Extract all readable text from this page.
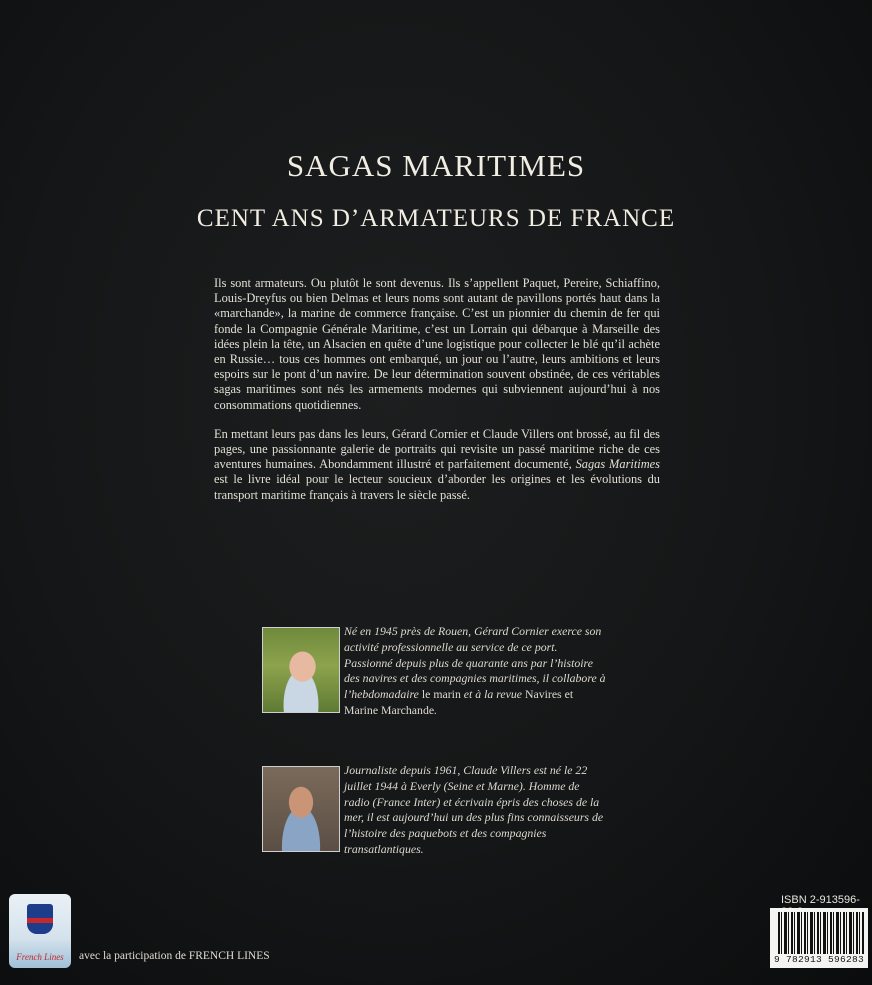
SAGAS MARITIMES
CENT ANS D’ARMATEURS DE FRANCE

Ils sont armateurs. Ou plutôt le sont devenus. Ils s’appellent Paquet, Pereire, Schiaffino, Louis-Dreyfus ou bien Delmas et leurs noms sont autant de pavillons portés haut dans la «marchande», la marine de commerce française. C’est un pionnier du chemin de fer qui fonde la Compagnie Générale Maritime, c’est un Lorrain qui débarque à Marseille des idées plein la tête, un Alsacien en quête d’une logistique pour collecter le blé qu’il achète en Russie… tous ces hommes ont embarqué, un jour ou l’autre, leurs ambitions et leurs espoirs sur le pont d’un navire. De leur détermination souvent obstinée, de ces véritables sagas maritimes sont nés les armements modernes qui subviennent aujourd’hui à nos consommations quotidiennes.

En mettant leurs pas dans les leurs, Gérard Cornier et Claude Villers ont brossé, au fil des pages, une passionnante galerie de portraits qui revisite un passé maritime riche de ces aventures humaines. Abondamment illustré et parfaitement documenté, Sagas Maritimes est le livre idéal pour le lecteur soucieux d’aborder les origines et les évolutions du transport maritime français à travers le siècle passé.

Né en 1945 près de Rouen, Gérard Cornier exerce son activité professionnelle au service de ce port. Passionné depuis plus de quarante ans par l’histoire des navires et des compagnies maritimes, il collabore à l’hebdomadaire le marin et à la revue Navires et Marine Marchande.
Journaliste depuis 1961, Claude Villers est né le 22 juillet 1944 à Everly (Seine et Marne). Homme de radio (France Inter) et écrivain épris des choses de la mer, il est aujourd’hui un des plus fins connaisseurs de l’histoire des paquebots et des compagnies transatlantiques.
French Lines	avec la participation de FRENCH LINES
ISBN 2-913596-
9 782913 596283
